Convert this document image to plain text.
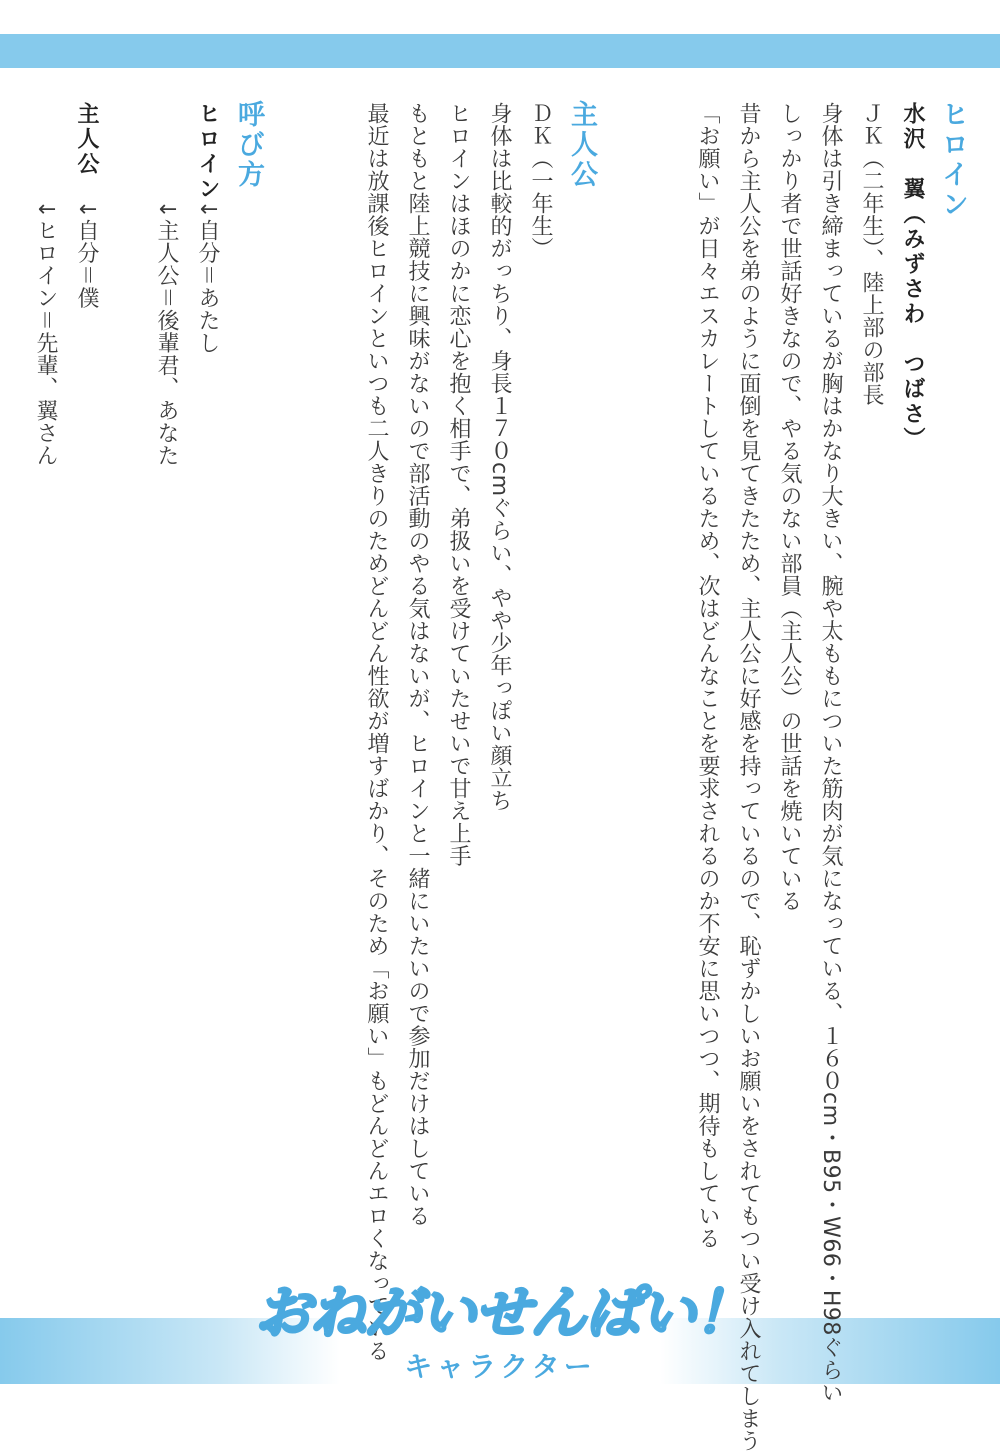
ヒロイン
水沢　翼（みずさわ　つばさ）
ＪＫ（二年生）、陸上部の部長
身体は引き締まっているが胸はかなり大きい、腕や太ももについた筋肉が気になっている、１６０cm・B95・W66・H98ぐらい
しっかり者で世話好きなので、やる気のない部員（主人公）の世話を焼いている
昔から主人公を弟のように面倒を見てきたため、主人公に好感を持っているので、恥ずかしいお願いをされてもつい受け入れてしまう
「お願い」が日々エスカレートしているため、次はどんなことを要求されるのか不安に思いつつ、期待もしている
主人公
ＤＫ（一年生）
身体は比較的がっちり、身長１７０cmぐらい、やや少年っぽい顔立ち
ヒロインはほのかに恋心を抱く相手で、弟扱いを受けていたせいで甘え上手
もともと陸上競技に興味がないので部活動のやる気はないが、ヒロインと一緒にいたいので参加だけはしている
最近は放課後ヒロインといつも二人きりのためどんどん性欲が増すばかり、そのため「お願い」もどんどんエロくなっている
呼び方
ヒロイン
↓自分＝あたし
↓主人公＝後輩君、あなた
主人公
↓自分＝僕
↓ヒロイン＝先輩、翼さん
おねがいせんぱい！
キャラクター
